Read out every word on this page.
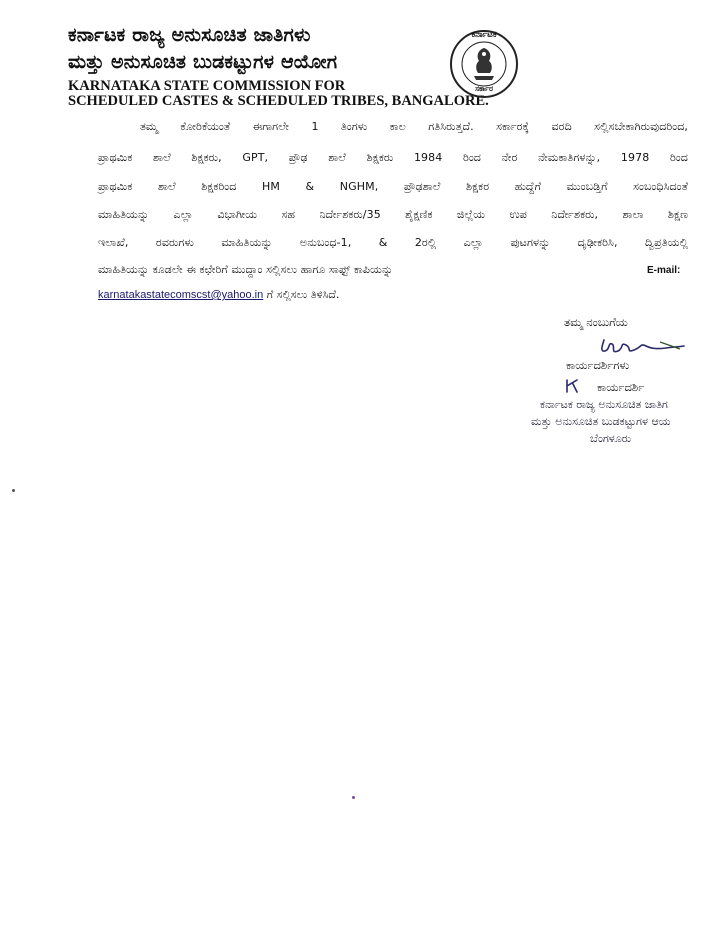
ಕರ್ನಾಟಕ ರಾಜ್ಯ ಅನುಸೂಚಿತ ಜಾತಿಗಳು
ಮತ್ತು ಅನುಸೂಚಿತ ಬುಡಕಟ್ಟುಗಳ ಆಯೋಗ
KARNATAKA STATE COMMISSION FOR
SCHEDULED CASTES & SCHEDULED TRIBES, BANGALORE.
ಕರ್ನಾಟಕ
ಸರ್ಕಾರ
ತಮ್ಮ ಕೋರಿಕೆಯಂತೆ ಈಗಾಗಲೇ 1 ತಿಂಗಳು ಕಾಲ ಗತಿಸಿರುತ್ತದೆ. ಸರ್ಕಾರಕ್ಕೆ ವರದಿ ಸಲ್ಲಿಸಬೇಕಾಗಿರುವುದರಿಂದ,
ಪ್ರಾಥಮಿಕ ಶಾಲೆ ಶಿಕ್ಷಕರು, GPT, ಪ್ರೌಢ ಶಾಲೆ ಶಿಕ್ಷಕರು 1984 ರಿಂದ ನೇರ ನೇಮಕಾತಿಗಳನ್ನು, 1978 ರಿಂದ
ಪ್ರಾಥಮಿಕ ಶಾಲೆ ಶಿಕ್ಷಕರಿಂದ HM & NGHM, ಪ್ರೌಢಶಾಲೆ ಶಿಕ್ಷಕರ ಹುದ್ದೆಗೆ ಮುಂಬಡ್ತಿಗೆ ಸಂಬಂಧಿಸಿದಂತೆ
ಮಾಹಿತಿಯನ್ನು ಎಲ್ಲಾ ವಿಭಾಗೀಯ ಸಹ ನಿರ್ದೇಶಕರು/35 ಶೈಕ್ಷಣಿಕ ಜಿಲ್ಲೆಯ ಉಪ ನಿರ್ದೇಶಕರು, ಶಾಲಾ ಶಿಕ್ಷಣ
ಇಲಾಖೆ, ರವರುಗಳು ಮಾಹಿತಿಯನ್ನು ಅನುಬಂಧ-1, & 2ರಲ್ಲಿ ಎಲ್ಲಾ ಪುಟಗಳನ್ನು ದೃಢೀಕರಿಸಿ, ದ್ವಿಪ್ರತಿಯಲ್ಲಿ
ಮಾಹಿತಿಯನ್ನು ಕೂಡಲೇ ಈ ಕಛೇರಿಗೆ ಮುದ್ದಾಂ ಸಲ್ಲಿಸಲು ಹಾಗೂ ಸಾಫ್ಟ್ ಕಾಪಿಯನ್ನು	E-mail:
karnatakastatecomscst@yahoo.in ಗೆ ಸಲ್ಲಿಸಲು ತಿಳಿಸಿದೆ.
ತಮ್ಮ ನಂಬುಗೆಯ
ಕಾರ್ಯದರ್ಶಿಗಳು
ಕಾರ್ಯದರ್ಶಿ
ಕರ್ನಾಟಕ ರಾಜ್ಯ ಅನುಸೂಚಿತ ಜಾತಿಗ
ಮತ್ತು ಅನುಸೂಚಿತ ಬುಡಕಟ್ಟುಗಳ ಆಯ
ಬೆಂಗಳೂರು
